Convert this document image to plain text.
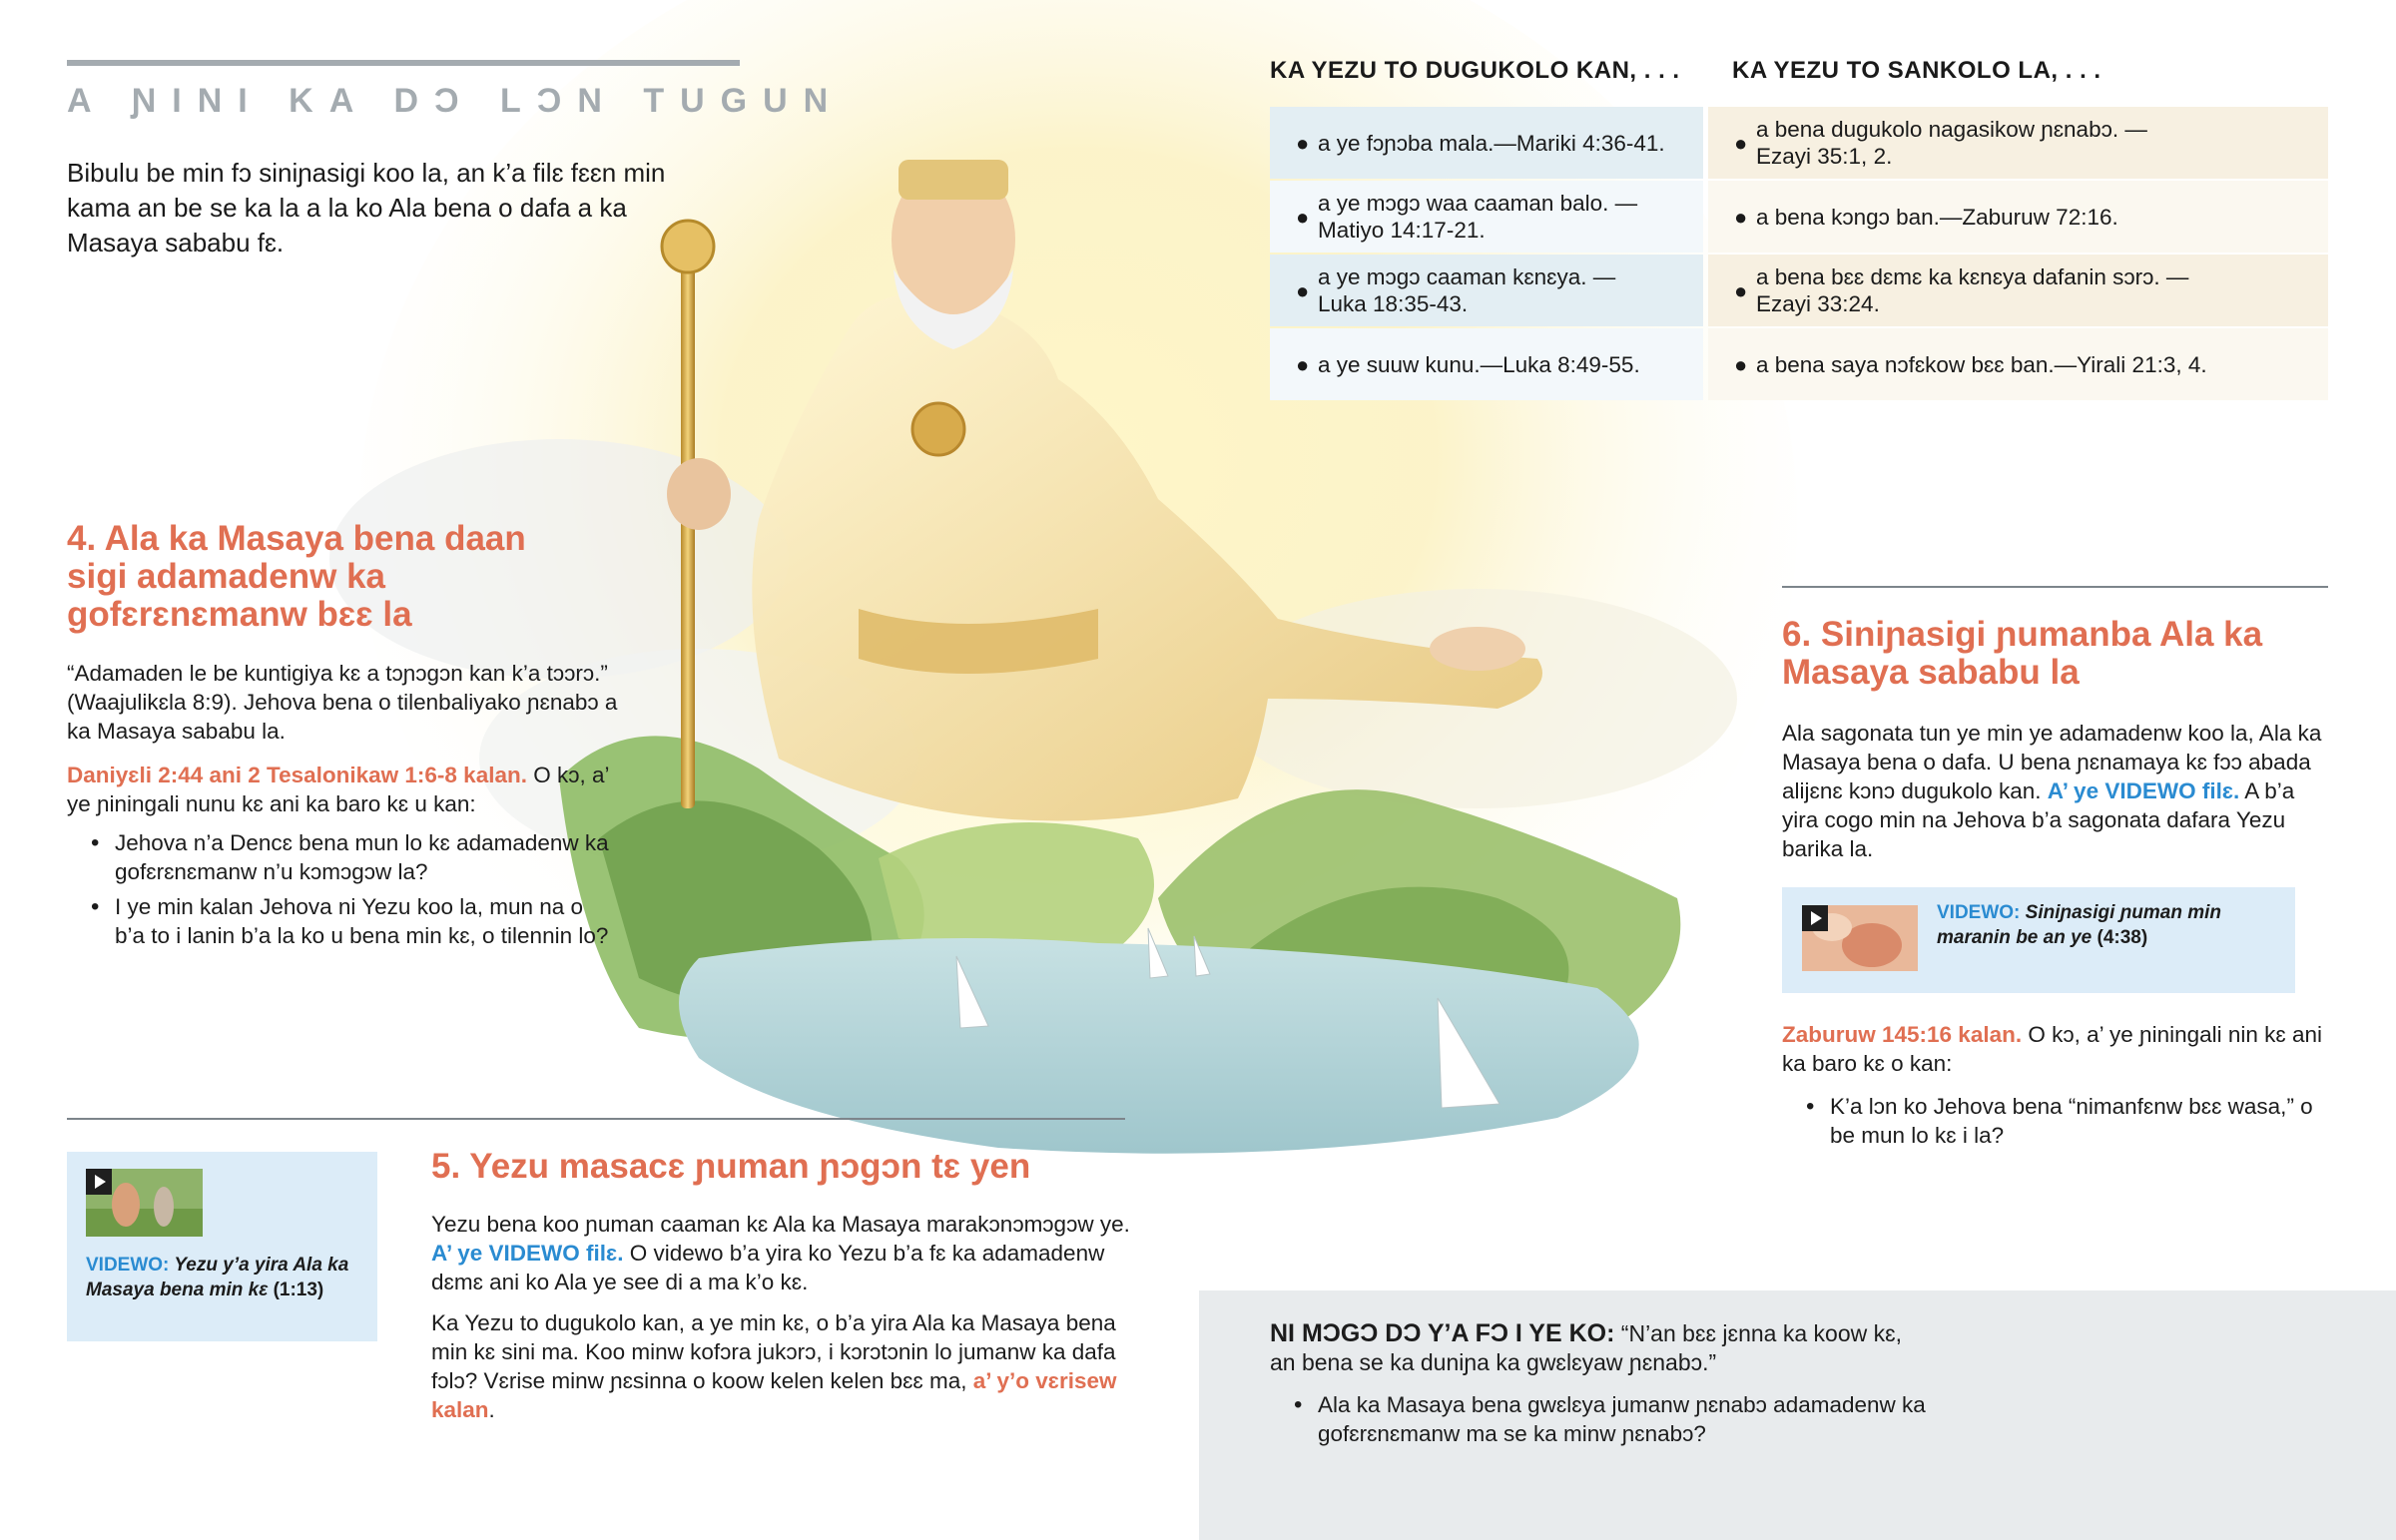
A ƝINI KA DƆ LƆN TUGUN
Bibulu be min fɔ siniɲasigi koo la, an k’a filɛ fɛɛn min kama an be se ka la a la ko Ala bena o dafa a ka Masaya sababu fɛ.
KA YEZU TO DUGUKOLO KAN, . . . KA YEZU TO SANKOLO LA, . . .
● a ye fɔɲɔba mala.—Mariki 4:36-41.
●
a ye mɔgɔ waa caaman balo. —Matiyo 14:17-21.
●
a ye mɔgɔ caaman kɛnɛya. —Luka 18:35-43.
● a ye suuw kunu.—Luka 8:49-55.
●
a bena dugukolo nagasikow ɲɛnabɔ. —Ezayi 35:1, 2.
● a bena kɔngɔ ban.—Zaburuw 72:16.
●
a bena bɛɛ dɛmɛ ka kɛnɛya dafanin sɔrɔ. —Ezayi 33:24.
● a bena saya nɔfɛkow bɛɛ ban.—Yirali 21:3, 4.
4. Ala ka Masaya bena daan sigi adamadenw ka gofɛrɛnɛmanw bɛɛ la
“Adamaden le be kuntigiya kɛ a tɔɲɔgɔn kan k’a tɔɔrɔ.” (Waajulikɛla 8:9). Jehova bena o tilenbaliyako ɲɛnabɔ a ka Masaya sababu la.
Daniyɛli 2:44 ani 2 Tesalonikaw 1:6-8 kalan. O kɔ, a’ ye ɲiningali nunu kɛ ani ka baro kɛ u kan:
• Jehova n’a Dencɛ bena mun lo kɛ adamadenw ka gofɛrɛnɛmanw n’u kɔmɔgɔw la?
• I ye min kalan Jehova ni Yezu koo la, mun na o b’a to i lanin b’a la ko u bena min kɛ, o tilennin lo?
VIDEWO: Yezu y’a yira Ala ka Masaya bena min kɛ (1:13)
5. Yezu masacɛ ɲuman ɲɔgɔn tɛ yen
Yezu bena koo ɲuman caaman kɛ Ala ka Masaya marakɔnɔmɔgɔw ye. A’ ye VIDEWO filɛ. O videwo b’a yira ko Yezu b’a fɛ ka adamadenw dɛmɛ ani ko Ala ye see di a ma k’o kɛ.
Ka Yezu to dugukolo kan, a ye min kɛ, o b’a yira Ala ka Masaya bena min kɛ sini ma. Koo minw kofɔra jukɔrɔ, i kɔrɔtɔnin lo jumanw ka dafa fɔlɔ? Vɛrise minw ɲɛsinna o koow kelen kelen bɛɛ ma, a’ y’o vɛrisew kalan.
6. Siniɲasigi ɲumanba Ala ka Masaya sababu la
Ala sagonata tun ye min ye adamadenw koo la, Ala ka Masaya bena o dafa. U bena ɲɛnamaya kɛ fɔɔ abada alijɛnɛ kɔnɔ dugukolo kan. A’ ye VIDEWO filɛ. A b’a yira cogo min na Jehova b’a sagonata dafara Yezu barika la.
VIDEWO: Siniɲasigi ɲuman min maranin be an ye (4:38)
Zaburuw 145:16 kalan. O kɔ, a’ ye ɲiningali nin kɛ ani ka baro kɛ o kan:
• K’a lɔn ko Jehova bena “nimanfɛnw bɛɛ wasa,” o be mun lo kɛ i la?
NI MƆGƆ DƆ Y’A FƆ I YE KO: “N’an bɛɛ jɛnna ka koow kɛ, an bena se ka duniɲa ka gwɛlɛyaw ɲɛnabɔ.”
• Ala ka Masaya bena gwɛlɛya jumanw ɲɛnabɔ adamadenw ka gofɛrɛnɛmanw ma se ka minw ɲɛnabɔ?
